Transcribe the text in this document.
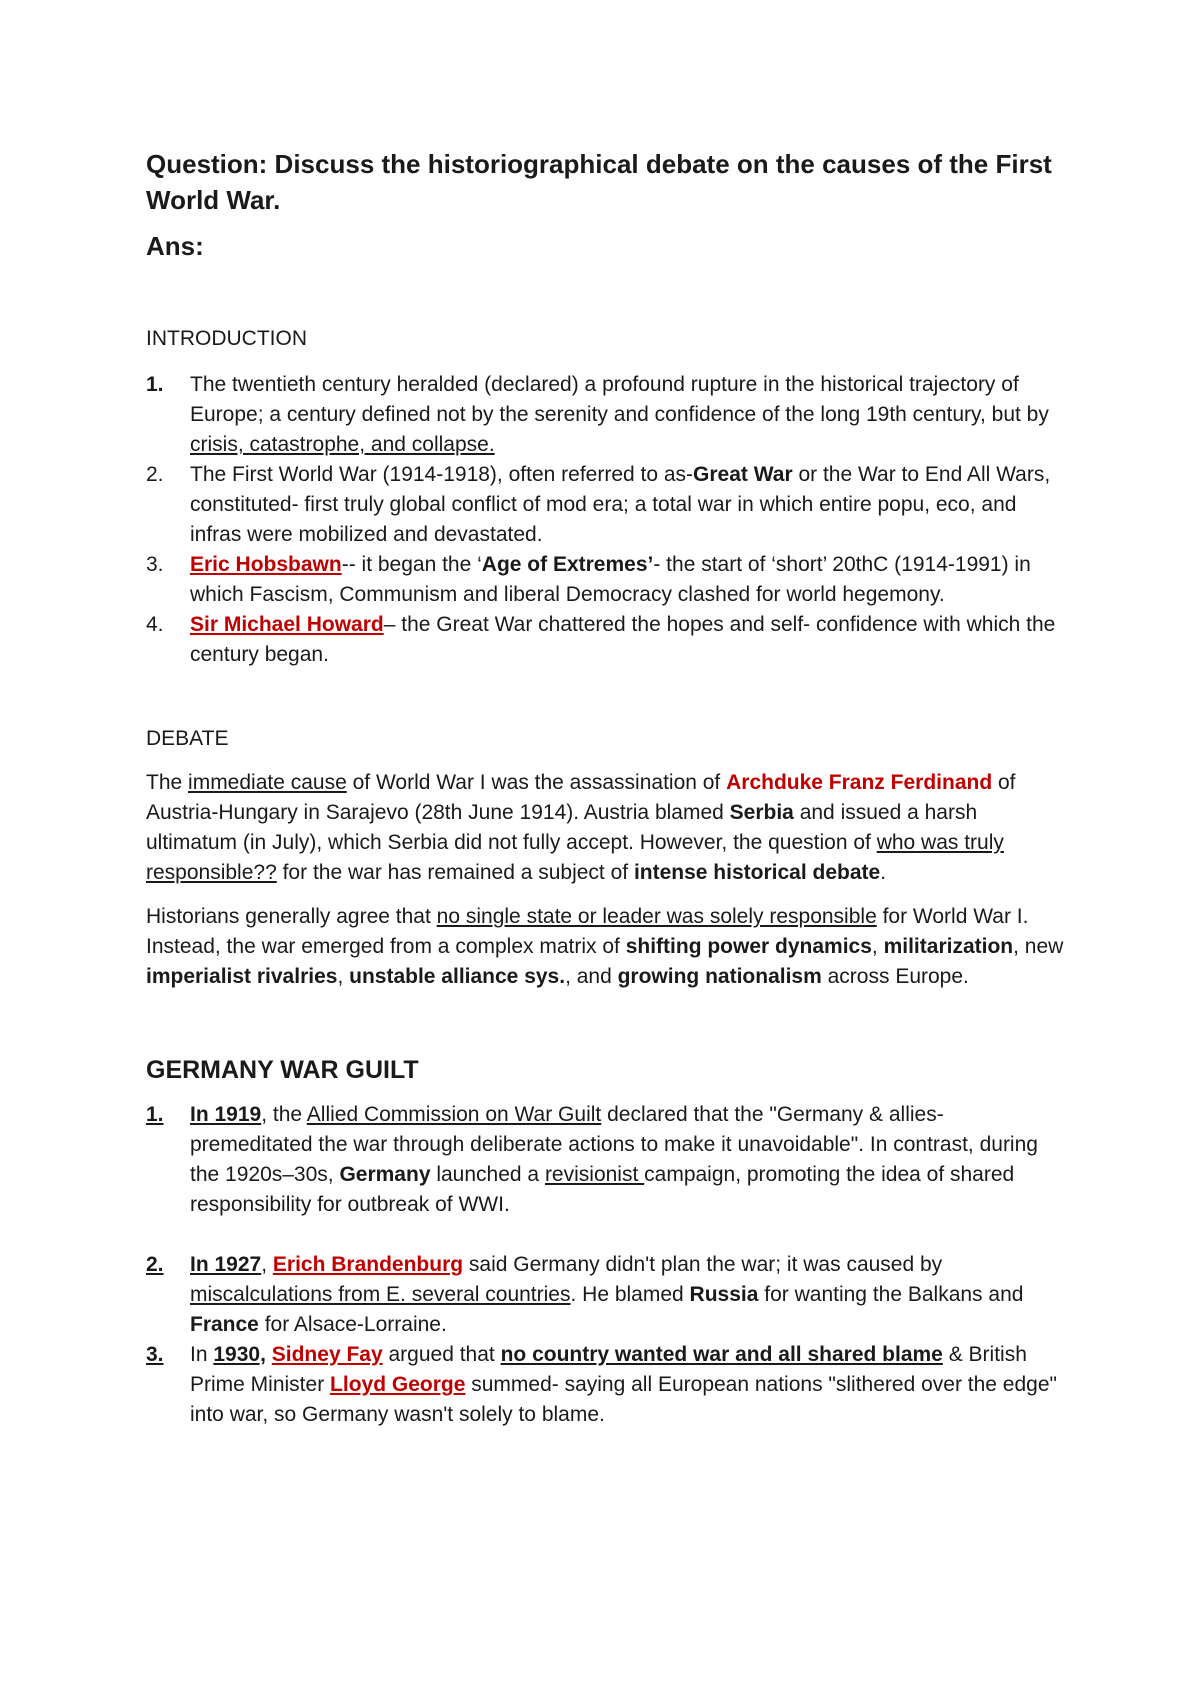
Question: Discuss the historiographical debate on the causes of the First World War.
Ans:
INTRODUCTION
1.	The twentieth century heralded (declared) a profound rupture in the historical trajectory of Europe; a century defined not by the serenity and confidence of the long 19th century, but by crisis, catastrophe, and collapse.
2.	The First World War (1914-1918), often referred to as-Great War or the War to End All Wars, constituted- first truly global conflict of mod era; a total war in which entire popu, eco, and infras were mobilized and devastated.
3.	Eric Hobsbawn-- it began the ‘Age of Extremes’- the start of ‘short’ 20thC (1914-1991) in which Fascism, Communism and liberal Democracy clashed for world hegemony.
4.	Sir Michael Howard– the Great War chattered the hopes and self- confidence with which the century began.
DEBATE

The immediate cause of World War I was the assassination of Archduke Franz Ferdinand of Austria-Hungary in Sarajevo (28th June 1914). Austria blamed Serbia and issued a harsh ultimatum (in July), which Serbia did not fully accept. However, the question of who was truly responsible?? for the war has remained a subject of intense historical debate.

Historians generally agree that no single state or leader was solely responsible for World War I. Instead, the war emerged from a complex matrix of shifting power dynamics, militarization, new imperialist rivalries, unstable alliance sys., and growing nationalism across Europe.

GERMANY WAR GUILT
1.	In 1919, the Allied Commission on War Guilt declared that the "Germany & allies- premeditated the war through deliberate actions to make it unavoidable". In contrast, during the 1920s–30s, Germany launched a revisionist campaign, promoting the idea of shared responsibility for outbreak of WWI.
2.	In 1927, Erich Brandenburg said Germany didn't plan the war; it was caused by miscalculations from E. several countries. He blamed Russia for wanting the Balkans and France for Alsace-Lorraine.
3.	In 1930, Sidney Fay argued that no country wanted war and all shared blame & British Prime Minister Lloyd George summed- saying all European nations "slithered over the edge" into war, so Germany wasn't solely to blame.
